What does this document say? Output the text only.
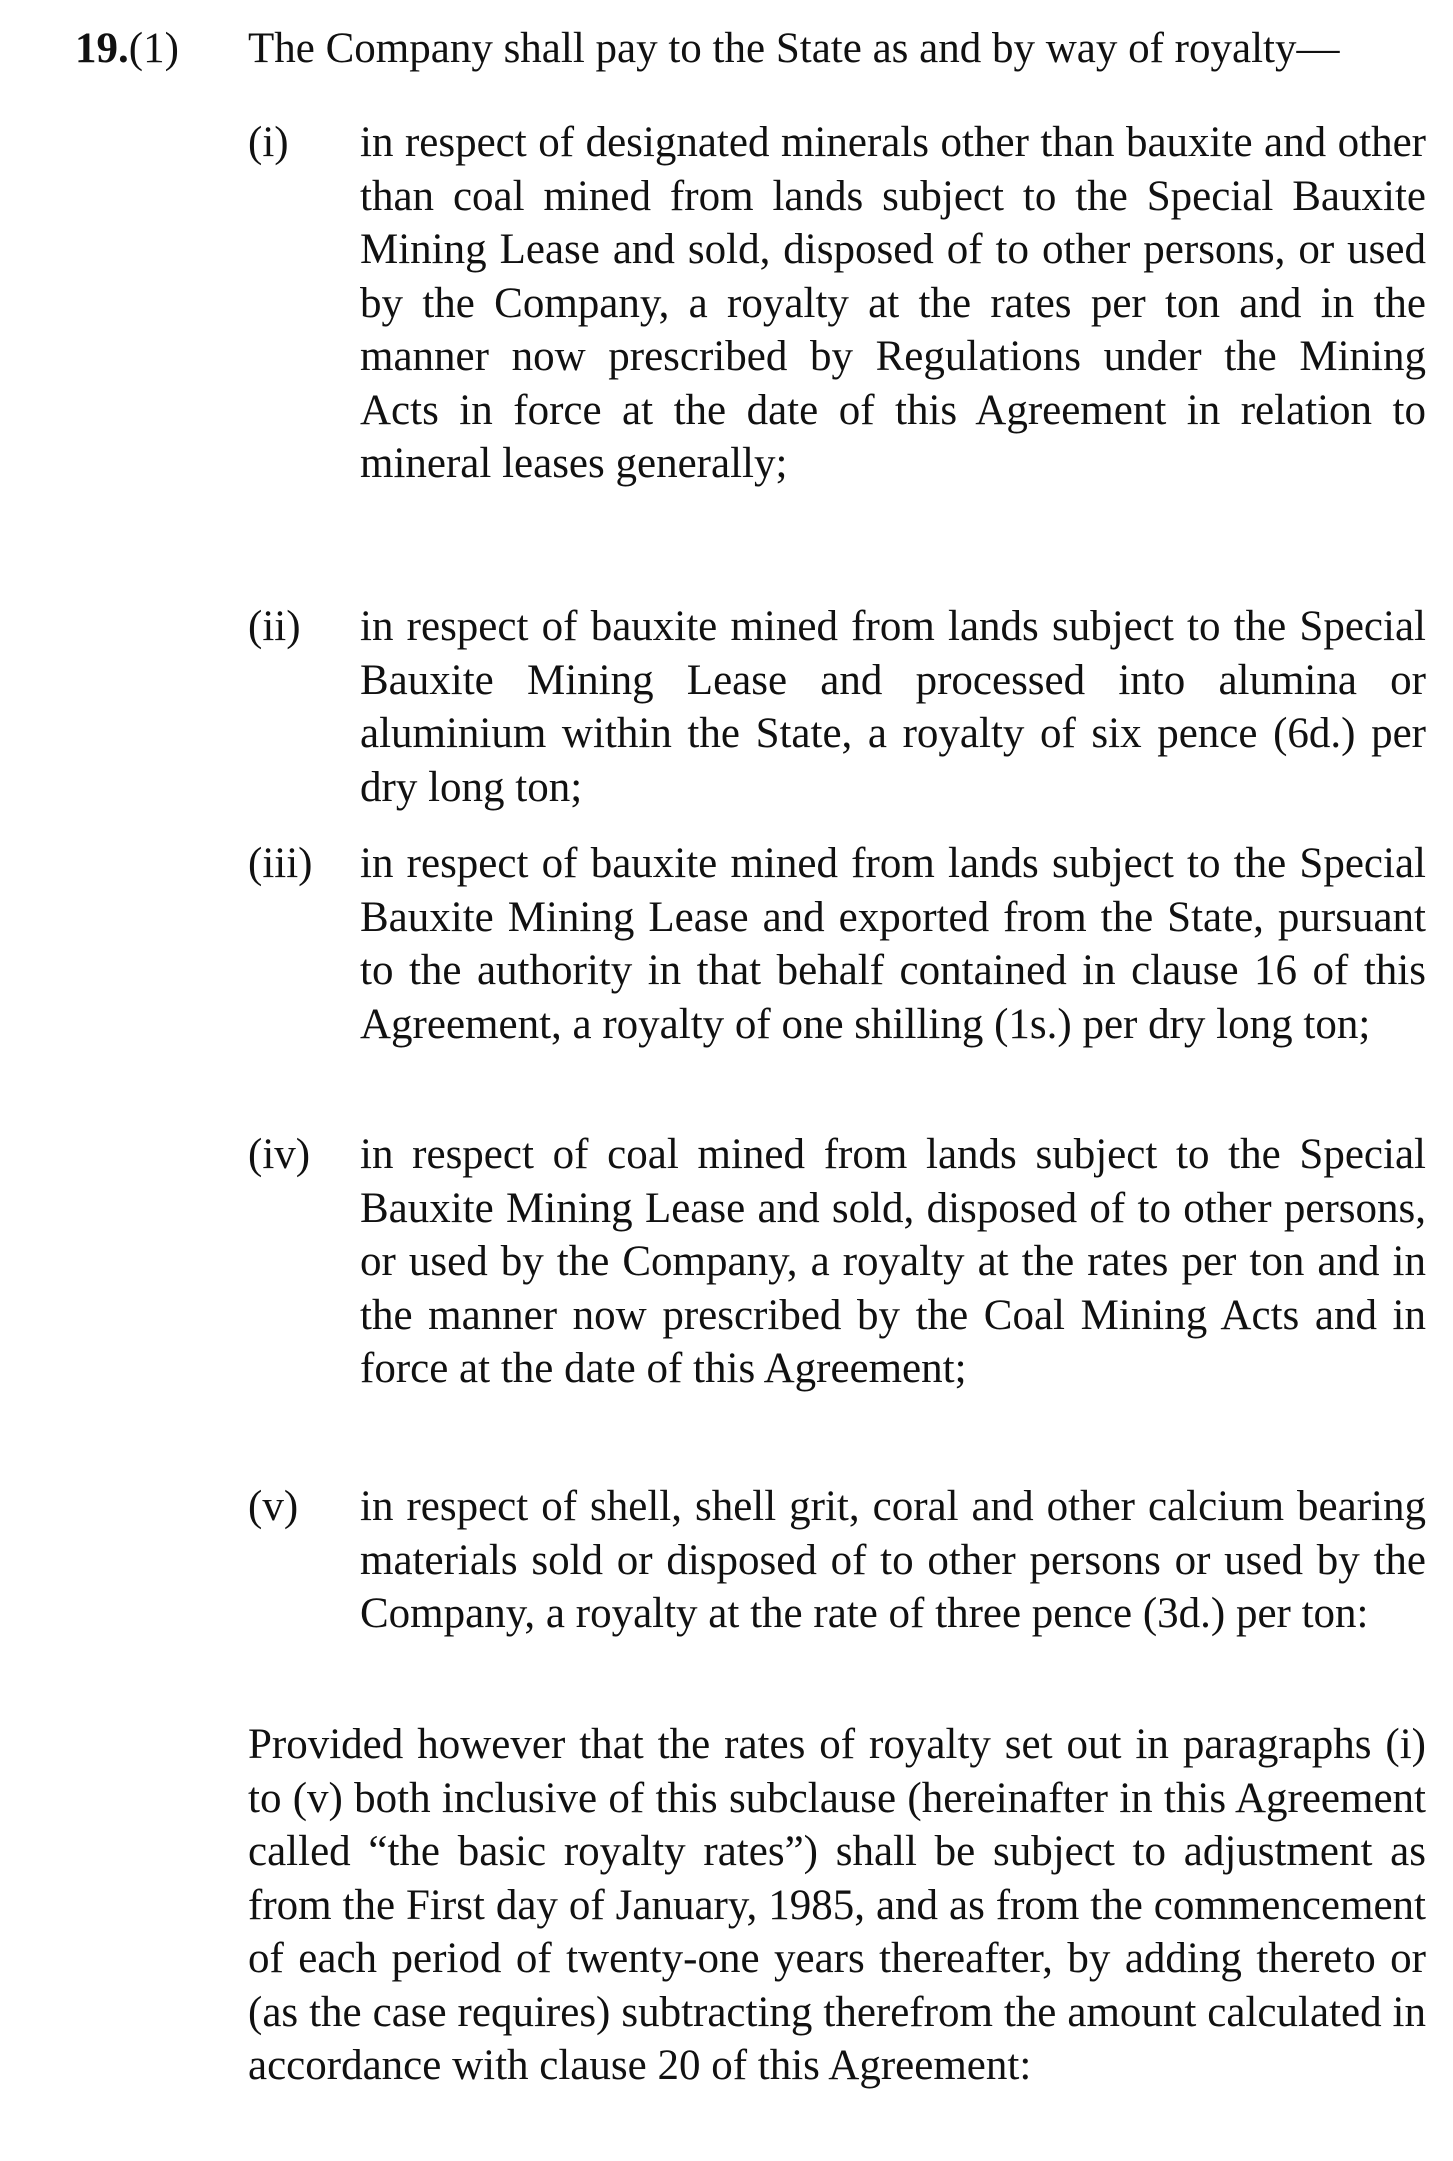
19.(1) The Company shall pay to the State as and by way of royalty—
(i) in respect of designated minerals other than bauxite and other than coal mined from lands subject to the Special Bauxite Mining Lease and sold, disposed of to other persons, or used by the Company, a royalty at the rates per ton and in the manner now prescribed by Regulations under the Mining Acts in force at the date of this Agreement in relation to mineral leases generally;
(ii) in respect of bauxite mined from lands subject to the Special Bauxite Mining Lease and processed into alumina or aluminium within the State, a royalty of six pence (6d.) per dry long ton;
(iii) in respect of bauxite mined from lands subject to the Special Bauxite Mining Lease and exported from the State, pursuant to the authority in that behalf contained in clause 16 of this Agreement, a royalty of one shilling (1s.) per dry long ton;
(iv) in respect of coal mined from lands subject to the Special Bauxite Mining Lease and sold, disposed of to other persons, or used by the Company, a royalty at the rates per ton and in the manner now prescribed by the Coal Mining Acts and in force at the date of this Agreement;
(v) in respect of shell, shell grit, coral and other calcium bearing materials sold or disposed of to other persons or used by the Company, a royalty at the rate of three pence (3d.) per ton:
Provided however that the rates of royalty set out in paragraphs (i) to (v) both inclusive of this subclause (hereinafter in this Agreement called “the basic royalty rates”) shall be subject to adjustment as from the First day of January, 1985, and as from the commencement of each period of twenty-one years thereafter, by adding thereto or (as the case requires) subtracting therefrom the amount calculated in accordance with clause 20 of this Agreement:
